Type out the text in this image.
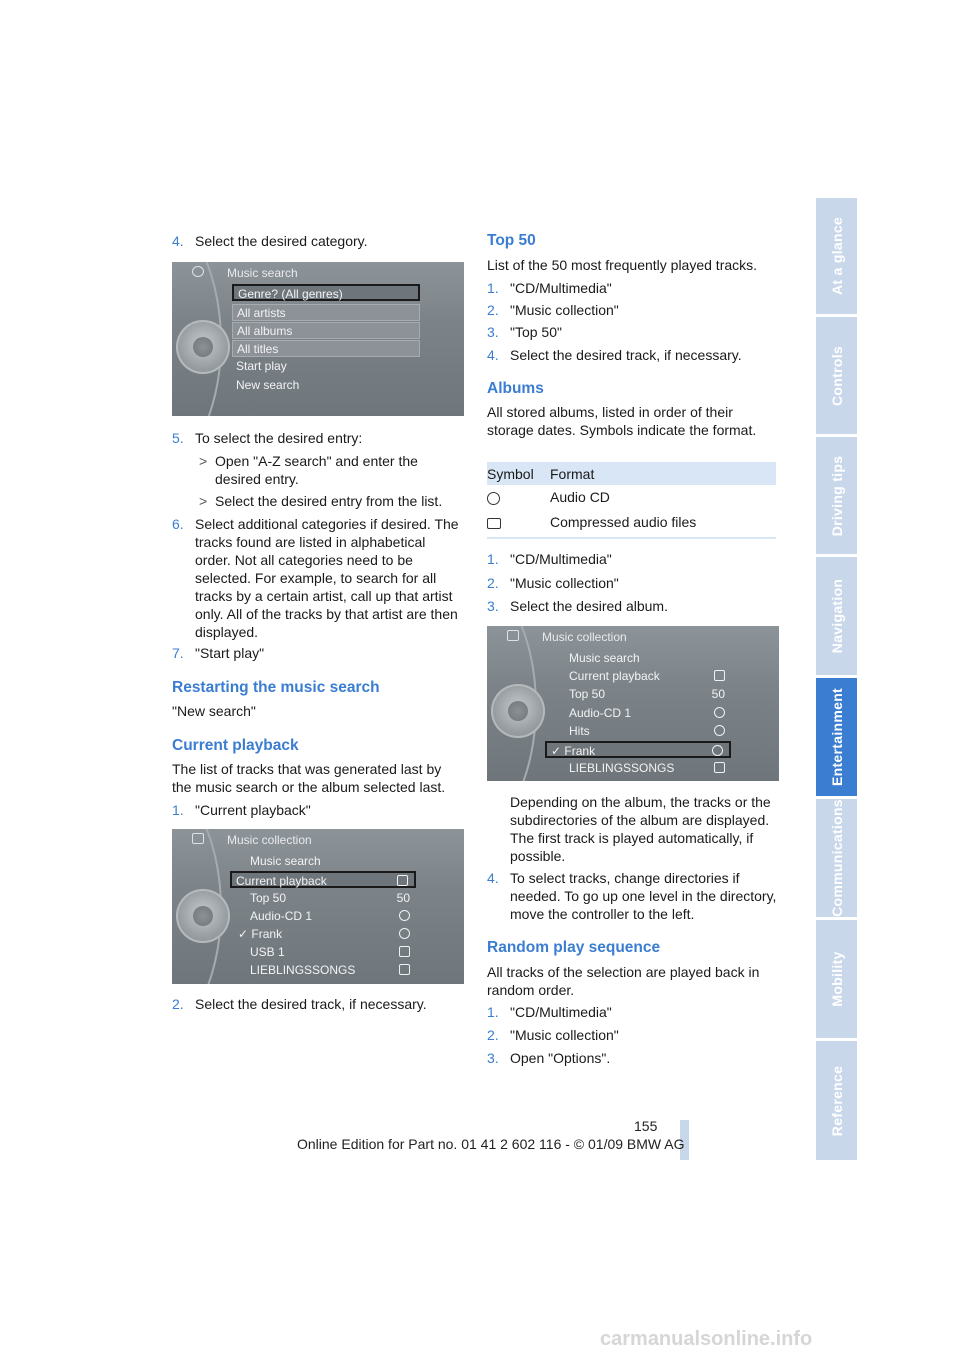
4. Select the desired category.
Music search
Genre? (All genres)
All artists
All albums
All titles
Start play
New search
5. To select the desired entry:
> Open "A-Z search" and enter the desired entry.
> Select the desired entry from the list.
6. Select additional categories if desired. The tracks found are listed in alphabetical order. Not all categories need to be selected. For example, to search for all tracks by a certain artist, call up that artist only. All of the tracks by that artist are then displayed.
7. "Start play"
Restarting the music search
"New search"
Current playback
The list of tracks that was generated last by the music search or the album selected last.
1. "Current playback"
Music collection
Music search
Current playback
Top 50	50
Audio-CD 1
✓ Frank
USB 1
LIEBLINGSSONGS
2. Select the desired track, if necessary.
Top 50
List of the 50 most frequently played tracks.
1. "CD/Multimedia"
2. "Music collection"
3. "Top 50"
4. Select the desired track, if necessary.
Albums
All stored albums, listed in order of their storage dates. Symbols indicate the format.
Symbol Format
Audio CD
Compressed audio files
1. "CD/Multimedia"
2. "Music collection"
3. Select the desired album.
Music collection
Music search
Current playback
Top 50	50
Audio-CD 1
Hits
✓ Frank
LIEBLINGSSONGS
Depending on the album, the tracks or the subdirectories of the album are displayed. The first track is played automatically, if possible.
4. To select tracks, change directories if needed. To go up one level in the directory, move the controller to the left.
Random play sequence
All tracks of the selection are played back in random order.
1. "CD/Multimedia"
2. "Music collection"
3. Open "Options".
At a glance
Controls
Driving tips
Navigation
Entertainment
Communications
Mobility
Reference
155
Online Edition for Part no. 01 41 2 602 116 - © 01/09 BMW AG
carmanualsonline.info
